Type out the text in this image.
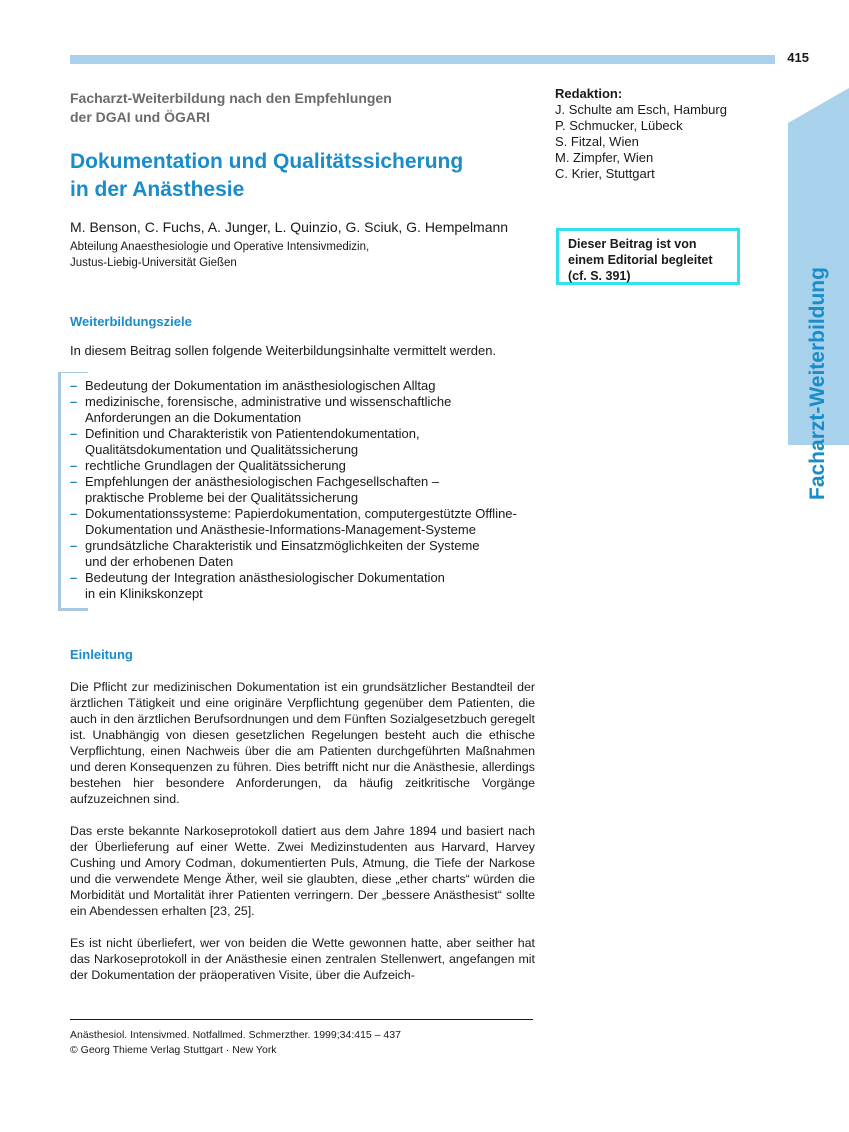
415
Facharzt-Weiterbildung nach den Empfehlungen
der DGAI und ÖGARI
Dokumentation und Qualitätssicherung
in der Anästhesie
M. Benson, C. Fuchs, A. Junger, L. Quinzio, G. Sciuk, G. Hempelmann
Abteilung Anaesthesiologie und Operative Intensivmedizin,
Justus-Liebig-Universität Gießen
Redaktion:
J. Schulte am Esch, Hamburg
P. Schmucker, Lübeck
S. Fitzal, Wien
M. Zimpfer, Wien
C. Krier, Stuttgart
Dieser Beitrag ist von
einem Editorial begleitet
(cf. S. 391)	Facharzt-Weiterbildung
Weiterbildungsziele
In diesem Beitrag sollen folgende Weiterbildungsinhalte vermittelt werden.
– Bedeutung der Dokumentation im anästhesiologischen Alltag
– medizinische, forensische, administrative und wissenschaftliche
Anforderungen an die Dokumentation
– Definition und Charakteristik von Patientendokumentation,
Qualitätsdokumentation und Qualitätssicherung
– rechtliche Grundlagen der Qualitätssicherung
– Empfehlungen der anästhesiologischen Fachgesellschaften –
praktische Probleme bei der Qualitätssicherung
– Dokumentationssysteme: Papierdokumentation, computergestützte Offline-
Dokumentation und Anästhesie-Informations-Management-Systeme
– grundsätzliche Charakteristik und Einsatzmöglichkeiten der Systeme
und der erhobenen Daten
– Bedeutung der Integration anästhesiologischer Dokumentation
in ein Klinikskonzept
Einleitung
Die Pflicht zur medizinischen Dokumentation ist ein grundsätzlicher Bestandteil der ärztlichen Tätigkeit und eine originäre Verpflichtung gegenüber dem Patienten, die auch in den ärztlichen Berufsordnungen und dem Fünften Sozialgesetzbuch geregelt ist. Unabhängig von diesen gesetzlichen Regelungen besteht auch die ethische Verpflichtung, einen Nachweis über die am Patienten durchgeführten Maßnahmen und deren Konsequenzen zu führen. Dies betrifft nicht nur die Anästhesie, allerdings bestehen hier besondere Anforderungen, da häufig zeitkritische Vorgänge aufzuzeichnen sind.
Das erste bekannte Narkoseprotokoll datiert aus dem Jahre 1894 und basiert nach der Überlieferung auf einer Wette. Zwei Medizinstudenten aus Harvard, Harvey Cushing und Amory Codman, dokumentierten Puls, Atmung, die Tiefe der Narkose und die verwendete Menge Äther, weil sie glaubten, diese „ether charts“ würden die Morbidität und Mortalität ihrer Patienten verringern. Der „bessere Anästhesist“ sollte ein Abendessen erhalten [23, 25].
Es ist nicht überliefert, wer von beiden die Wette gewonnen hatte, aber seither hat das Narkoseprotokoll in der Anästhesie einen zentralen Stellenwert, angefangen mit der Dokumentation der präoperativen Visite, über die Aufzeich-
Anästhesiol. Intensivmed. Notfallmed. Schmerzther. 1999;34:415 – 437
© Georg Thieme Verlag Stuttgart · New York
